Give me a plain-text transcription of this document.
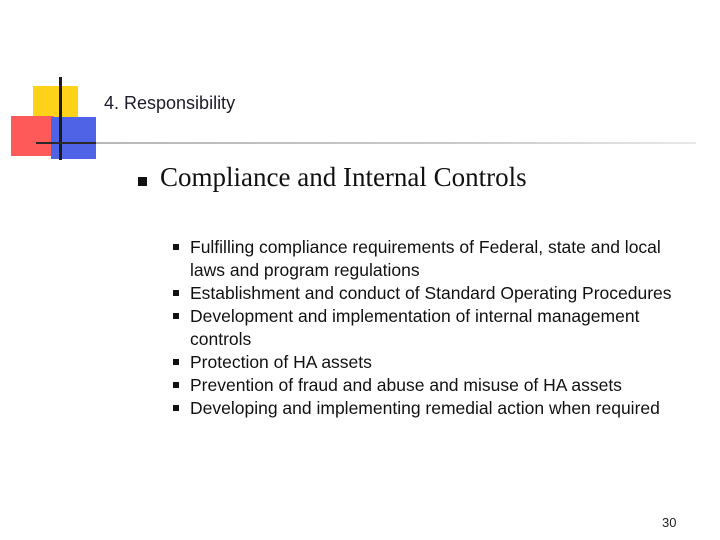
4. Responsibility
Compliance and Internal Controls
Fulfilling compliance requirements of Federal, state and local laws and program regulations
Establishment and conduct of Standard Operating Procedures
Development and implementation of internal management controls
Protection of HA assets
Prevention of fraud and abuse and misuse of HA assets
Developing and implementing remedial action when required
30
